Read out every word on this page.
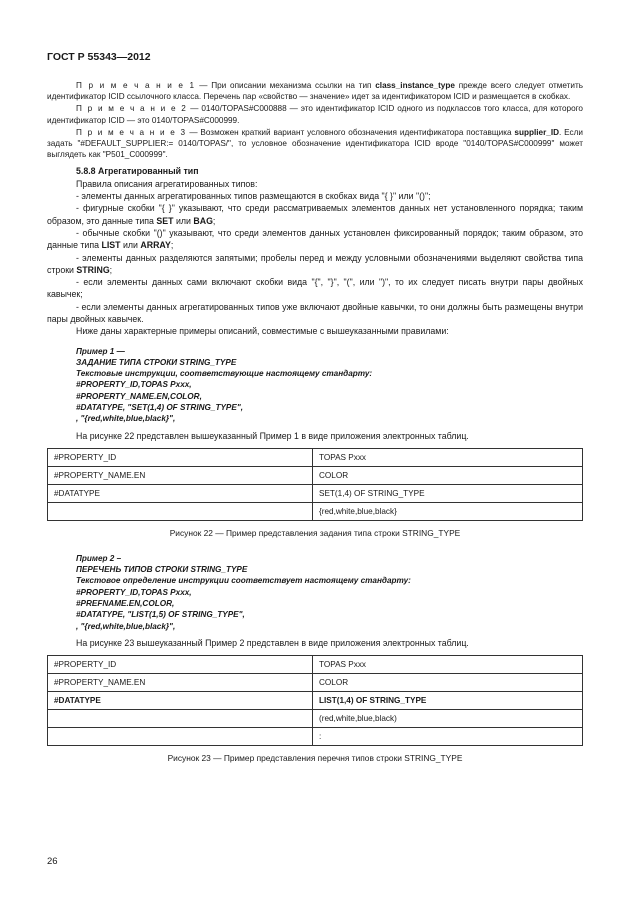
ГОСТ Р 55343—2012

П р и м е ч а н и е 1 — При описании механизма ссылки на тип class_instance_type прежде всего следует отметить идентификатор ICID ссылочного класса. Перечень пар «свойство — значение» идет за идентификатором ICID и размещается в скобках.

П р и м е ч а н и е 2 — 0140/TOPAS#C000888 — это идентификатор ICID одного из подклассов того класса, для которого идентификатор ICID — это 0140/TOPAS#C000999.

П р и м е ч а н и е 3 — Возможен краткий вариант условного обозначения идентификатора поставщика supplier_ID. Если задать "#DEFAULT_SUPPLIER:= 0140/TOPAS/", то условное обозначение идентификатора ICID вроде "0140/TOPAS#C000999" может выглядеть как "P501_C000999".

5.8.8 Агрегатированный тип

Правила описания агрегатированных типов:

- элементы данных агрегатированных типов размещаются в скобках вида "{ }" или "()";

- фигурные скобки "{ }" указывают, что среди рассматриваемых элементов данных нет установленного порядка; таким образом, это данные типа SET или BAG;

- обычные скобки "()" указывают, что среди элементов данных установлен фиксированный порядок; таким образом, это данные типа LIST или ARRAY;

- элементы данных разделяются запятыми; пробелы перед и между условными обозначениями выделяют свойства типа строки STRING;

- если элементы данных сами включают скобки вида "{", "}", "(", или ")", то их следует писать внутри пары двойных кавычек;

- если элементы данных агрегатированных типов уже включают двойные кавычки, то они должны быть размещены внутри пары двойных кавычек.

Ниже даны характерные примеры описаний, совместимые с вышеуказанными правилами:

Пример 1 —
ЗАДАНИЕ ТИПА СТРОКИ STRING_TYPE
Текстовые инструкции, соответствующие настоящему стандарту:
#PROPERTY_ID,TOPAS Pxxx,
#PROPERTY_NAME.EN,COLOR,
#DATATYPE, "SET(1,4) OF STRING_TYPE",
, "{red,white,blue,black}",
На рисунке 22 представлен вышеуказанный Пример 1 в виде приложения электронных таблиц.
#PROPERTY_ID	TOPAS Pxxx
#PROPERTY_NAME.EN	COLOR
#DATATYPE	SET(1,4) OF STRING_TYPE
	{red,white,blue,black}
Рисунок 22 — Пример представления задания типа строки STRING_TYPE
Пример 2 –
ПЕРЕЧЕНЬ ТИПОВ СТРОКИ STRING_TYPE
Текстовое определение инструкции соответствует настоящему стандарту:
#PROPERTY_ID,TOPAS Pxxx,
#PREFNAME.EN,COLOR,
#DATATYPE, "LIST(1,5) OF STRING_TYPE",
, "{red,white,blue,black}",
На рисунке 23 вышеуказанный Пример 2 представлен в виде приложения электронных таблиц.
#PROPERTY_ID	TOPAS Pxxx
#PROPERTY_NAME.EN	COLOR
#DATATYPE	LIST(1,4) OF STRING_TYPE
	(red,white,blue,black)
	:
Рисунок 23 — Пример представления перечня типов строки STRING_TYPE
26
